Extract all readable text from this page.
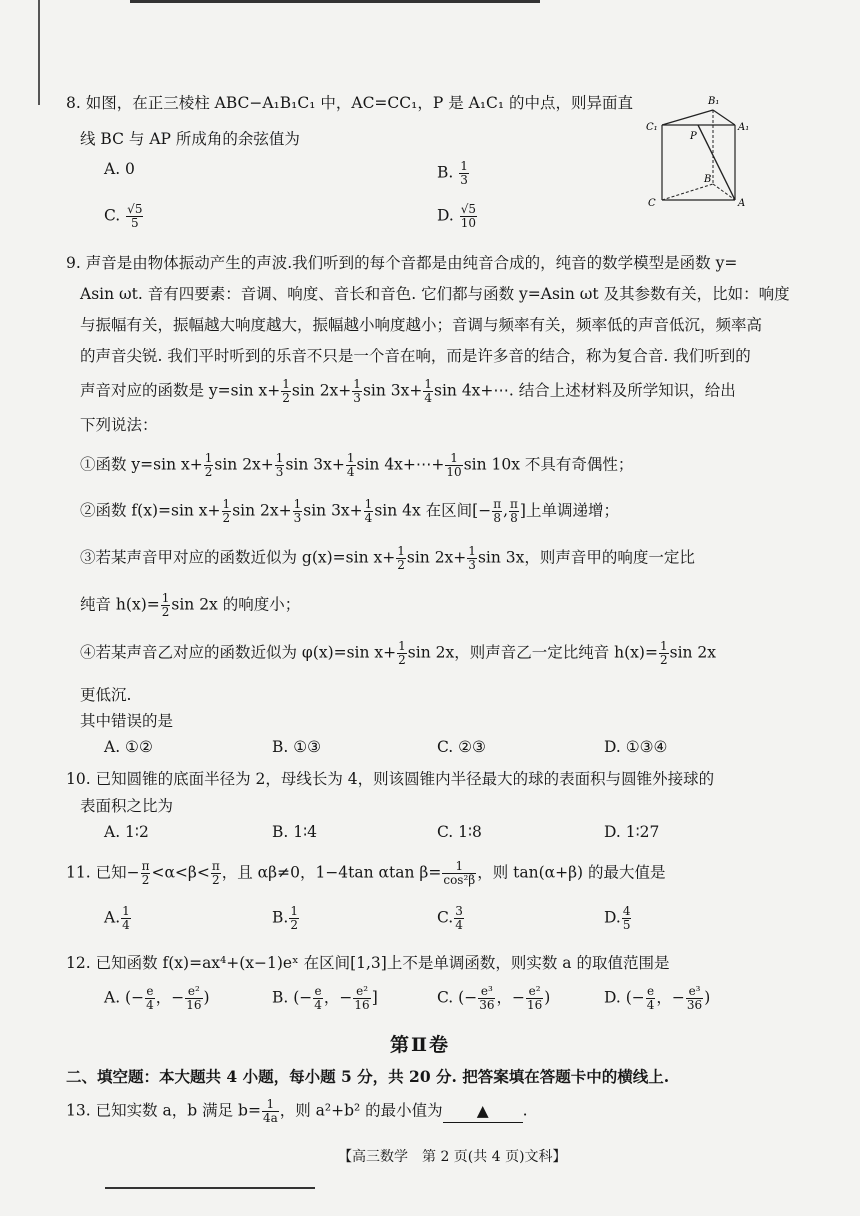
8. 如图，在正三棱柱 ABC−A₁B₁C₁ 中，AC=CC₁，P 是 A₁C₁ 的中点，则异面直
线 BC 与 AP 所成角的余弦值为
A. 0	B. $\frac{1}{3}$
C. $\frac{√5}{5}$	D. $\frac{√5}{10}$
B₁
C₁	A₁
P
B
C	A
9. 声音是由物体振动产生的声波.我们听到的每个音都是由纯音合成的，纯音的数学模型是函数 y=
Asin ωt. 音有四要素：音调、响度、音长和音色. 它们都与函数 y=Asin ωt 及其参数有关，比如：响度
与振幅有关，振幅越大响度越大，振幅越小响度越小；音调与频率有关，频率低的声音低沉，频率高
的声音尖锐. 我们平时听到的乐音不只是一个音在响，而是许多音的结合，称为复合音. 我们听到的
声音对应的函数是 y=sin $x+ \frac{1}{2}$ $\sin 2x+ \frac{1}{3}$ $\sin 3x+ \frac{1}{4}$ sin 4x+⋯. 结合上述材料及所学知识，给出
下列说法：
①函数 y=sin $x+ \frac{1}{2}$ $\sin 2x+ \frac{1}{3}$ $\sin 3x+ \frac{1}{4}$ sin 4x+⋯+ $\frac{1}{10}$ sin 10x 不具有奇偶性；
②函数 f(x)=sin $x+ \frac{1}{2}$ $\sin 2x+ \frac{1}{3}$ $\sin 3x+ \frac{1}{4}$ sin 4x 在区间[− $\frac{\pi}{8}$ , $\frac{\pi}{8}$ ]上单调递增；
③若某声音甲对应的函数近似为 g(x)=sin $x+ \frac{1}{2}$ $\sin 2x+ \frac{1}{3}$ sin 3x，则声音甲的响度一定比
纯音 $h(x)= \frac{1}{2}$ sin 2x 的响度小；
④若某声音乙对应的函数近似为 φ(x)=sin $x+ \frac{1}{2}$ sin 2x，则声音乙一定比纯音 $h(x)= \frac{1}{2}$ sin 2x
更低沉.
其中错误的是
A. ①②	B. ①③	C. ②③	D. ①③④
10. 已知圆锥的底面半径为 2，母线长为 4，则该圆锥内半径最大的球的表面积与圆锥外接球的
表面积之比为
A. 1∶2	B. 1∶4	C. 1∶8	D. 1∶27
11. 已知− $\frac{\pi}{2} <\alpha<\beta< \frac{\pi}{2}$ ，且 αβ≠0，1−4tan αtan $\beta= \frac{1}{\text{cos²β}}$ ，则 tan(α+β) 的最大值是
A. $\frac{1}{4}$	B. $\frac{1}{2}$	C. $\frac{3}{4}$	D. $\frac{4}{5}$
12. 已知函数 f(x)=ax⁴+(x−1)eˣ 在区间[1,3]上不是单调函数，则实数 a 的取值范围是
A. (− $\frac{e}{4}$ ，− $\frac{\text{e²}}{16}$ )	B. (− $\frac{e}{4}$ ，− $\frac{\text{e²}}{16}$ ]	C. (− $\frac{\text{e³}}{36}$ ，− $\frac{\text{e²}}{16}$ )	D. (− $\frac{e}{4}$ ，− $\frac{\text{e³}}{36}$ )
第Ⅱ卷
二、填空题：本大题共 4 小题，每小题 5 分，共 20 分. 把答案填在答题卡中的横线上.
13. 已知实数 a，b 满足 $b= \frac{1}{4a}$ ，则 a²+b² 的最小值为 ▲ .
【高三数学　第 2 页(共 4 页)文科】
